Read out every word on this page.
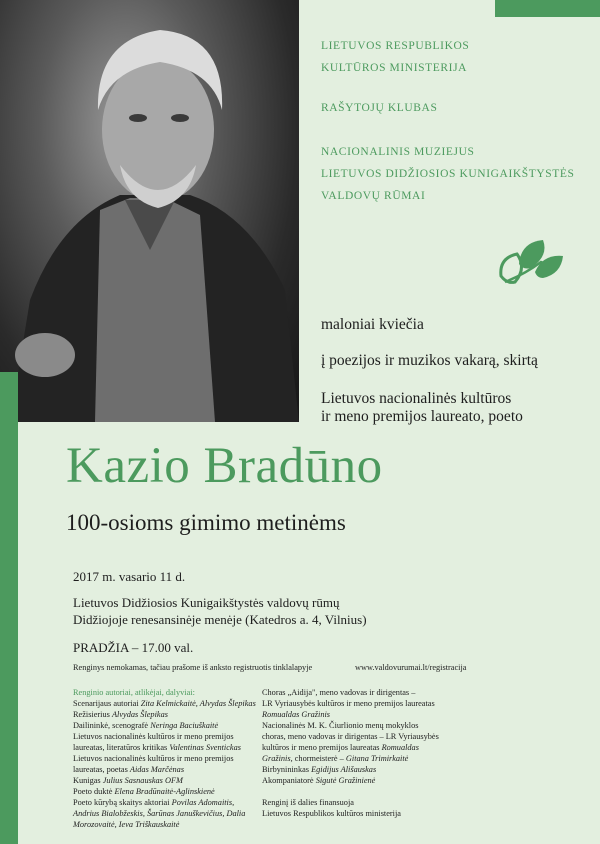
LIETUVOS RESPUBLIKOS
KULTŪROS MINISTERIJA
RAŠYTOJŲ KLUBAS
NACIONALINIS MUZIEJUS
LIETUVOS DIDŽIOSIOS KUNIGAIKŠTYSTĖS
VALDOVŲ RŪMAI
maloniai kviečia
į poezijos ir muzikos vakarą, skirtą
Lietuvos nacionalinės kultūros
ir meno premijos laureato, poeto
Kazio Bradūno
100-osioms gimimo metinėms
2017 m. vasario 11 d.
Lietuvos Didžiosios Kunigaikštystės valdovų rūmų
Didžiojoje renesansinėje menėje (Katedros a. 4, Vilnius)
PRADŽIA – 17.00 val.
Renginys nemokamas, tačiau prašome iš anksto registruotis tinklalapyje	www.valdovurumai.lt/registracija
Renginio autoriai, atlikėjai, dalyviai:
Scenarijaus autoriai Zita Kelmickaitė, Alvydas Šlepikas
Režisierius Alvydas Šlepikas
Dailininkė, scenografė Neringa Baciuškaitė
Lietuvos nacionalinės kultūros ir meno premijos
laureatas, literatūros kritikas Valentinas Sventickas
Lietuvos nacionalinės kultūros ir meno premijos
laureatas, poetas Aidas Marčėnas
Kunigas Julius Sasnauskas OFM
Poeto duktė Elena Bradūnaitė-Aglinskienė
Poeto kūrybą skaitys aktoriai Povilas Adomaitis,
Andrius Bialobžeskis, Šarūnas Januškevičius, Dalia
Morozovaitė, Ieva Triškauskaitė
Choras „Aidija", meno vadovas ir dirigentas –
LR Vyriausybės kultūros ir meno premijos laureatas
Romualdas Gražinis
Nacionalinės M. K. Čiurlionio menų mokyklos
choras, meno vadovas ir dirigentas – LR Vyriausybės
kultūros ir meno premijos laureatas Romualdas
Gražinis, chormeisterė – Gitana Trimirkaitė
Birbynininkas Egidijus Ališauskas
Akompaniatorė Sigutė Gražinienė
Renginį iš dalies finansuoja
Lietuvos Respublikos kultūros ministerija
